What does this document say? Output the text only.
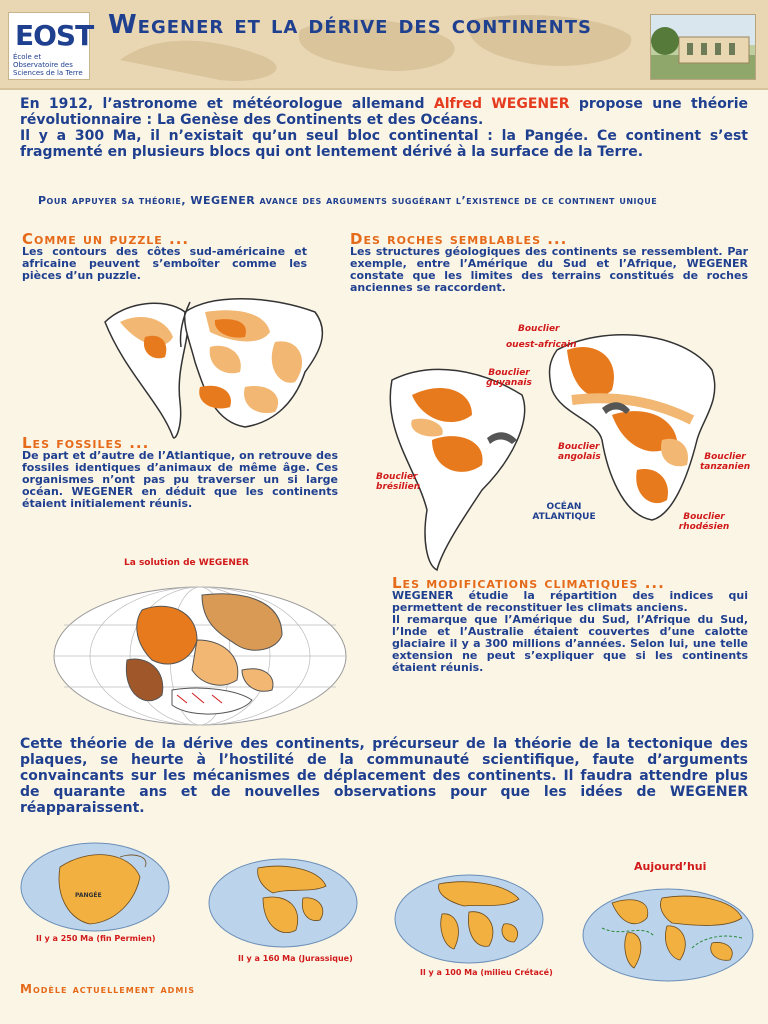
EOST
École et Observatoire des Sciences de la Terre
Wegener et la dérive des continents
En 1912, l’astronome et météorologue allemand Alfred WEGENER propose une théorie révolutionnaire : La Genèse des Continents et des Océans.
Il y a 300 Ma, il n’existait qu’un seul bloc continental : la Pangée. Ce continent s’est fragmenté en plusieurs blocs qui ont lentement dérivé à la surface de la Terre.
Pour appuyer sa théorie, WEGENER avance des arguments suggérant l’existence de ce continent unique
Comme un puzzle ...
Les contours des côtes sud-américaine et africaine peuvent s’emboîter comme les pièces d’un puzzle.
Des roches semblables ...
Les structures géologiques des continents se ressemblent. Par exemple, entre l’Amérique du Sud et l’Afrique, WEGENER constate que les limites des terrains constitués de roches anciennes se raccordent.
Bouclier
ouest-africain
Bouclier guyanais
Bouclier angolais
Bouclier brésilien
Bouclier tanzanien
Bouclier rhodésien
OCÉAN ATLANTIQUE
Les fossiles ...
De part et d’autre de l’Atlantique, on retrouve des fossiles identiques d’animaux de même âge. Ces organismes n’ont pas pu traverser un si large océan. WEGENER en déduit que les continents étaient initialement réunis.
La solution de WEGENER
Les modifications climatiques ...
WEGENER étudie la répartition des indices qui permettent de reconstituer les climats anciens.
Il remarque que l’Amérique du Sud, l’Afrique du Sud, l’Inde et l’Australie étaient couvertes d’une calotte glaciaire il y a 300 millions d’années. Selon lui, une telle extension ne peut s’expliquer que si les continents étaient réunis.
Cette théorie de la dérive des continents, précurseur de la théorie de la tectonique des plaques, se heurte à l’hostilité de la communauté scientifique, faute d’arguments convaincants sur les mécanismes de déplacement des continents. Il faudra attendre plus de quarante ans et de nouvelles observations pour que les idées de WEGENER réapparaissent.
PANGÉE
Il y a 250 Ma (fin Permien)
Il y a 160 Ma (Jurassique)
Il y a 100 Ma (milieu Crétacé)
Aujourd’hui
Modèle actuellement admis
